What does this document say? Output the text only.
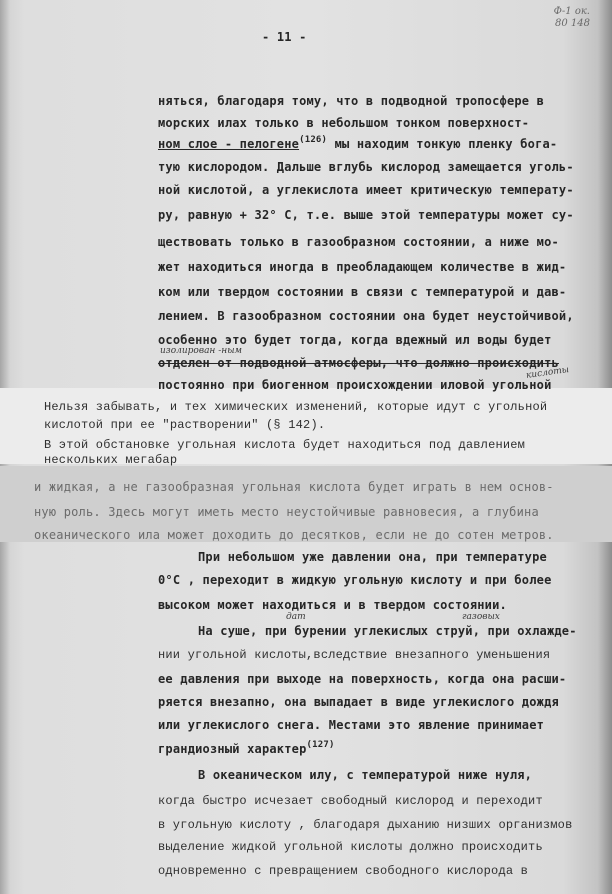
Ф-1 ок.
80 148
- 11 -
няться, благодаря тому, что в подводной тропосфере в
морских илах только в небольшом тонком поверхност-
ном слое - пелогене$^{(126)}$ мы находим тонкую пленку бога-
тую кислородом. Дальше вглубь кислород замещается уголь-
ной кислотой, а углекислота имеет критическую температу-
ру, равную + 32° С, т.е. выше этой температуры может су-
ществовать только в газообразном состоянии, а ниже мо-
жет находиться иногда в преобладающем количестве в жид-
ком или твердом состоянии в связи с температурой и дав-
лением. В газообразном состоянии она будет неустойчивой,
особенно это будет тогда, когда вдежный ил воды будет
изолирован -ным
отделен от подводной атмосферы, что должно происходить
кислоты
постоянно при биогенном происхождении иловой угольной
Нельзя забывать, и тех химических изменений, которые идут с угольной
кислотой при ее "растворении" (§ 142).
В этой обстановке угольная кислота будет находиться под давлением
нескольких мегабар
и жидкая, а не газообразная угольная кислота будет играть в нем основ-
ную роль. Здесь могут иметь место неустойчивые равновесия, а глубина
океанического ила может доходить до десятков, если не до сотен метров.
При небольшом уже давлении она, при температуре
0°С , переходит в жидкую угольную кислоту и при более
высоком может находиться и в твердом состоянии.
газовых
дат
На суше, при бурении углекислых струй, при охлажде-
нии угольной кислоты,вследствие внезапного уменьшения
ее давления при выходе на поверхность, когда она расши-
ряется внезапно, она выпадает в виде углекислого дождя
или углекислого снега. Местами это явление принимает
грандиозный характер$^{(127)}$
В океаническом илу, с температурой ниже нуля,
когда быстро исчезает свободный кислород и переходит
в угольную кислоту , благодаря дыханию низших организмов
выделение жидкой угольной кислоты должно происходить
одновременно с превращением свободного кислорода в
